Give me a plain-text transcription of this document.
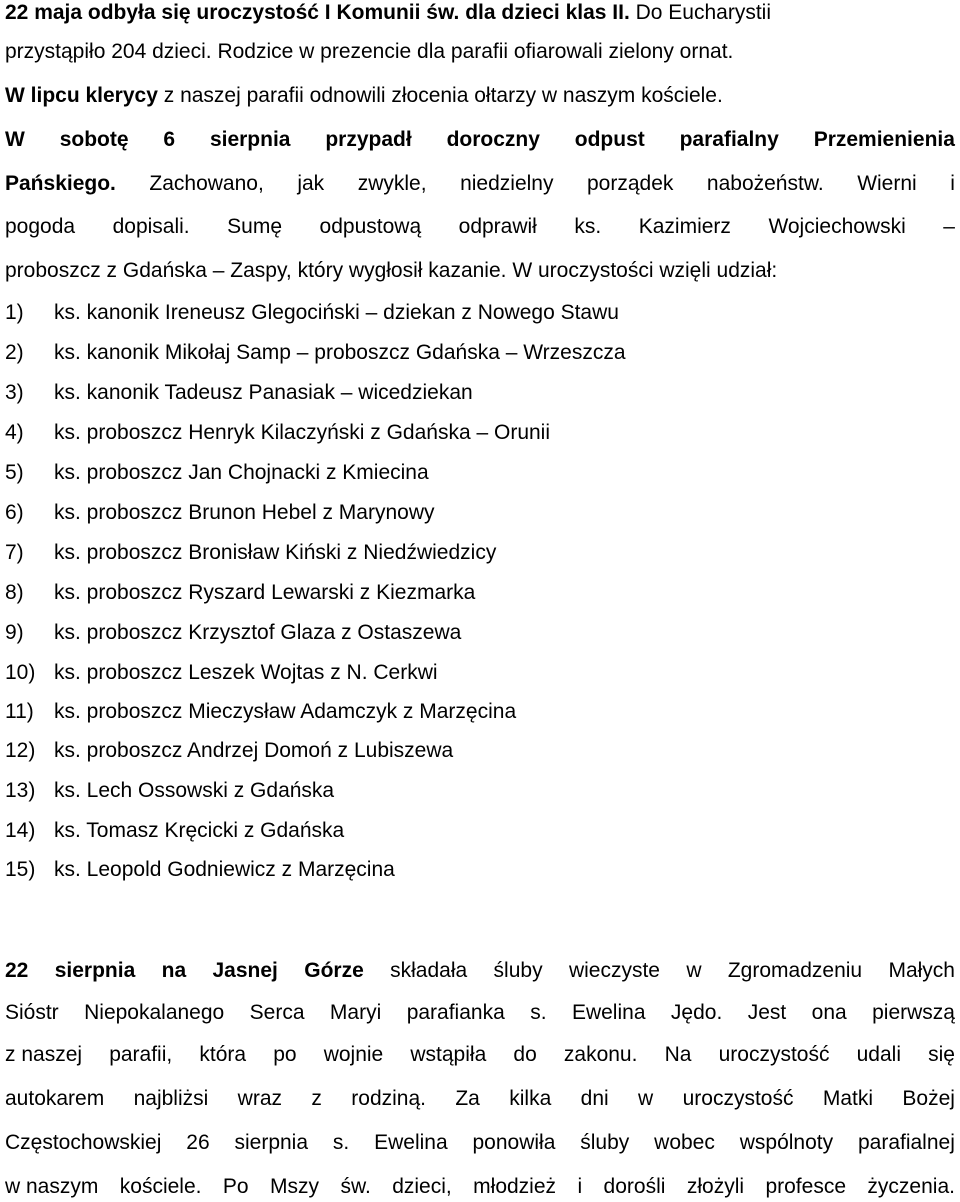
22 maja odbyła się uroczystość I Komunii św. dla dzieci klas II. Do Eucharystii
przystąpiło 204 dzieci. Rodzice w prezencie dla parafii ofiarowali zielony ornat.
W lipcu klerycy z naszej parafii odnowili złocenia ołtarzy w naszym kościele.
W sobotę 6 sierpnia przypadł doroczny odpust parafialny Przemienienia
Pańskiego. Zachowano, jak zwykle, niedzielny porządek nabożeństw. Wierni i
pogoda dopisali. Sumę odpustową odprawił ks. Kazimierz Wojciechowski –
proboszcz z Gdańska – Zaspy, który wygłosił kazanie. W uroczystości wzięli udział:
1) ks. kanonik Ireneusz Glegociński – dziekan z Nowego Stawu
2) ks. kanonik Mikołaj Samp – proboszcz Gdańska – Wrzeszcza
3) ks. kanonik Tadeusz Panasiak – wicedziekan
4) ks. proboszcz Henryk Kilaczyński z Gdańska – Orunii
5) ks. proboszcz Jan Chojnacki z Kmiecina
6) ks. proboszcz Brunon Hebel z Marynowy
7) ks. proboszcz Bronisław Kiński z Niedźwiedzicy
8) ks. proboszcz Ryszard Lewarski z Kiezmarka
9) ks. proboszcz Krzysztof Glaza z Ostaszewa
10) ks. proboszcz Leszek Wojtas z N. Cerkwi
11) ks. proboszcz Mieczysław Adamczyk z Marzęcina
12) ks. proboszcz Andrzej Domoń z Lubiszewa
13) ks. Lech Ossowski z Gdańska
14) ks. Tomasz Kręcicki z Gdańska
15) ks. Leopold Godniewicz z Marzęcina
22 sierpnia na Jasnej Górze składała śluby wieczyste w Zgromadzeniu Małych
Sióstr Niepokalanego Serca Maryi parafianka s. Ewelina Jędo. Jest ona pierwszą
z naszej parafii, która po wojnie wstąpiła do zakonu. Na uroczystość udali się
autokarem najbliżsi wraz z rodziną. Za kilka dni w uroczystość Matki Bożej
Częstochowskiej 26 sierpnia s. Ewelina ponowiła śluby wobec wspólnoty parafialnej
w naszym kościele. Po Mszy św. dzieci, młodzież i dorośli złożyli profesce życzenia.
